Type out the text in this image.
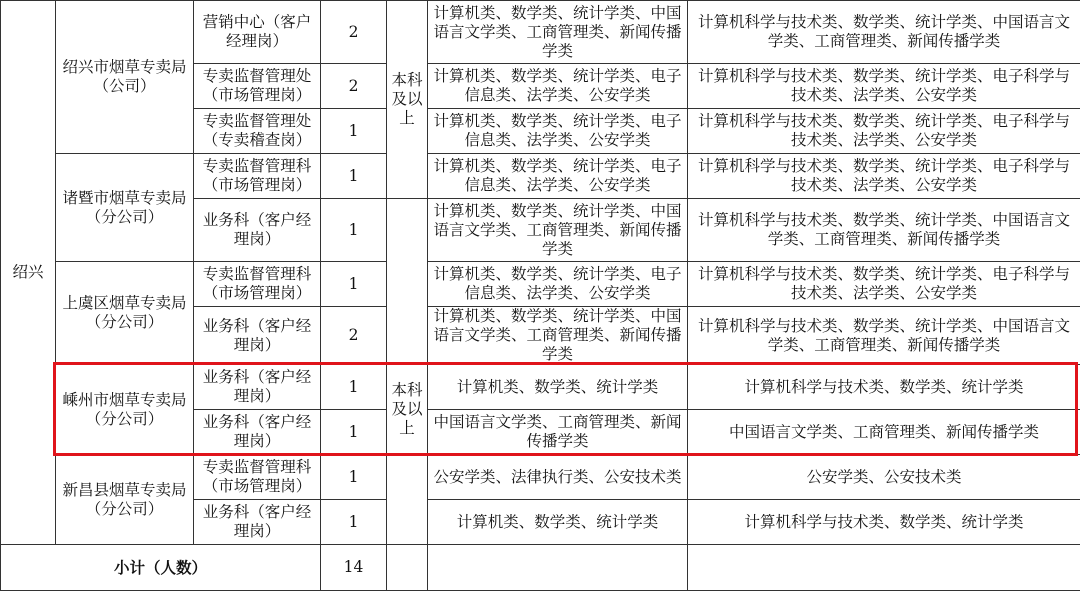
绍兴	绍兴市烟草专卖局（公司）	营销中心（客户经理岗）	2	本科及以上	计算机类、数学类、统计学类、中国语言文学类、工商管理类、新闻传播学类	计算机科学与技术类、数学类、统计学类、中国语言文学类、工商管理类、新闻传播学类
		专卖监督管理处（市场管理岗）	2		计算机类、数学类、统计学类、电子信息类、法学类、公安学类	计算机科学与技术类、数学类、统计学类、电子科学与技术类、法学类、公安学类
		专卖监督管理处（专卖稽查岗）	1		计算机类、数学类、统计学类、电子信息类、法学类、公安学类	计算机科学与技术类、数学类、统计学类、电子科学与技术类、法学类、公安学类
	诸暨市烟草专卖局（分公司）	专卖监督管理科（市场管理岗）	1		计算机类、数学类、统计学类、电子信息类、法学类、公安学类	计算机科学与技术类、数学类、统计学类、电子科学与技术类、法学类、公安学类
		业务科（客户经理岗）	1		计算机类、数学类、统计学类、中国语言文学类、工商管理类、新闻传播学类	计算机科学与技术类、数学类、统计学类、中国语言文学类、工商管理类、新闻传播学类
	上虞区烟草专卖局（分公司）	专卖监督管理科（市场管理岗）	1		计算机类、数学类、统计学类、电子信息类、法学类、公安学类	计算机科学与技术类、数学类、统计学类、电子科学与技术类、法学类、公安学类
		业务科（客户经理岗）	2		计算机类、数学类、统计学类、中国语言文学类、工商管理类、新闻传播学类	计算机科学与技术类、数学类、统计学类、中国语言文学类、工商管理类、新闻传播学类
	嵊州市烟草专卖局（分公司）	业务科（客户经理岗）	1	本科及以上	计算机类、数学类、统计学类	计算机科学与技术类、数学类、统计学类
		业务科（客户经理岗）	1		中国语言文学类、工商管理类、新闻传播学类	中国语言文学类、工商管理类、新闻传播学类
	新昌县烟草专卖局（分公司）	专卖监督管理科（市场管理岗）	1		公安学类、法律执行类、公安技术类	公安学类、公安技术类
		业务科（客户经理岗）	1		计算机类、数学类、统计学类	计算机科学与技术类、数学类、统计学类
小计（人数）			14			
